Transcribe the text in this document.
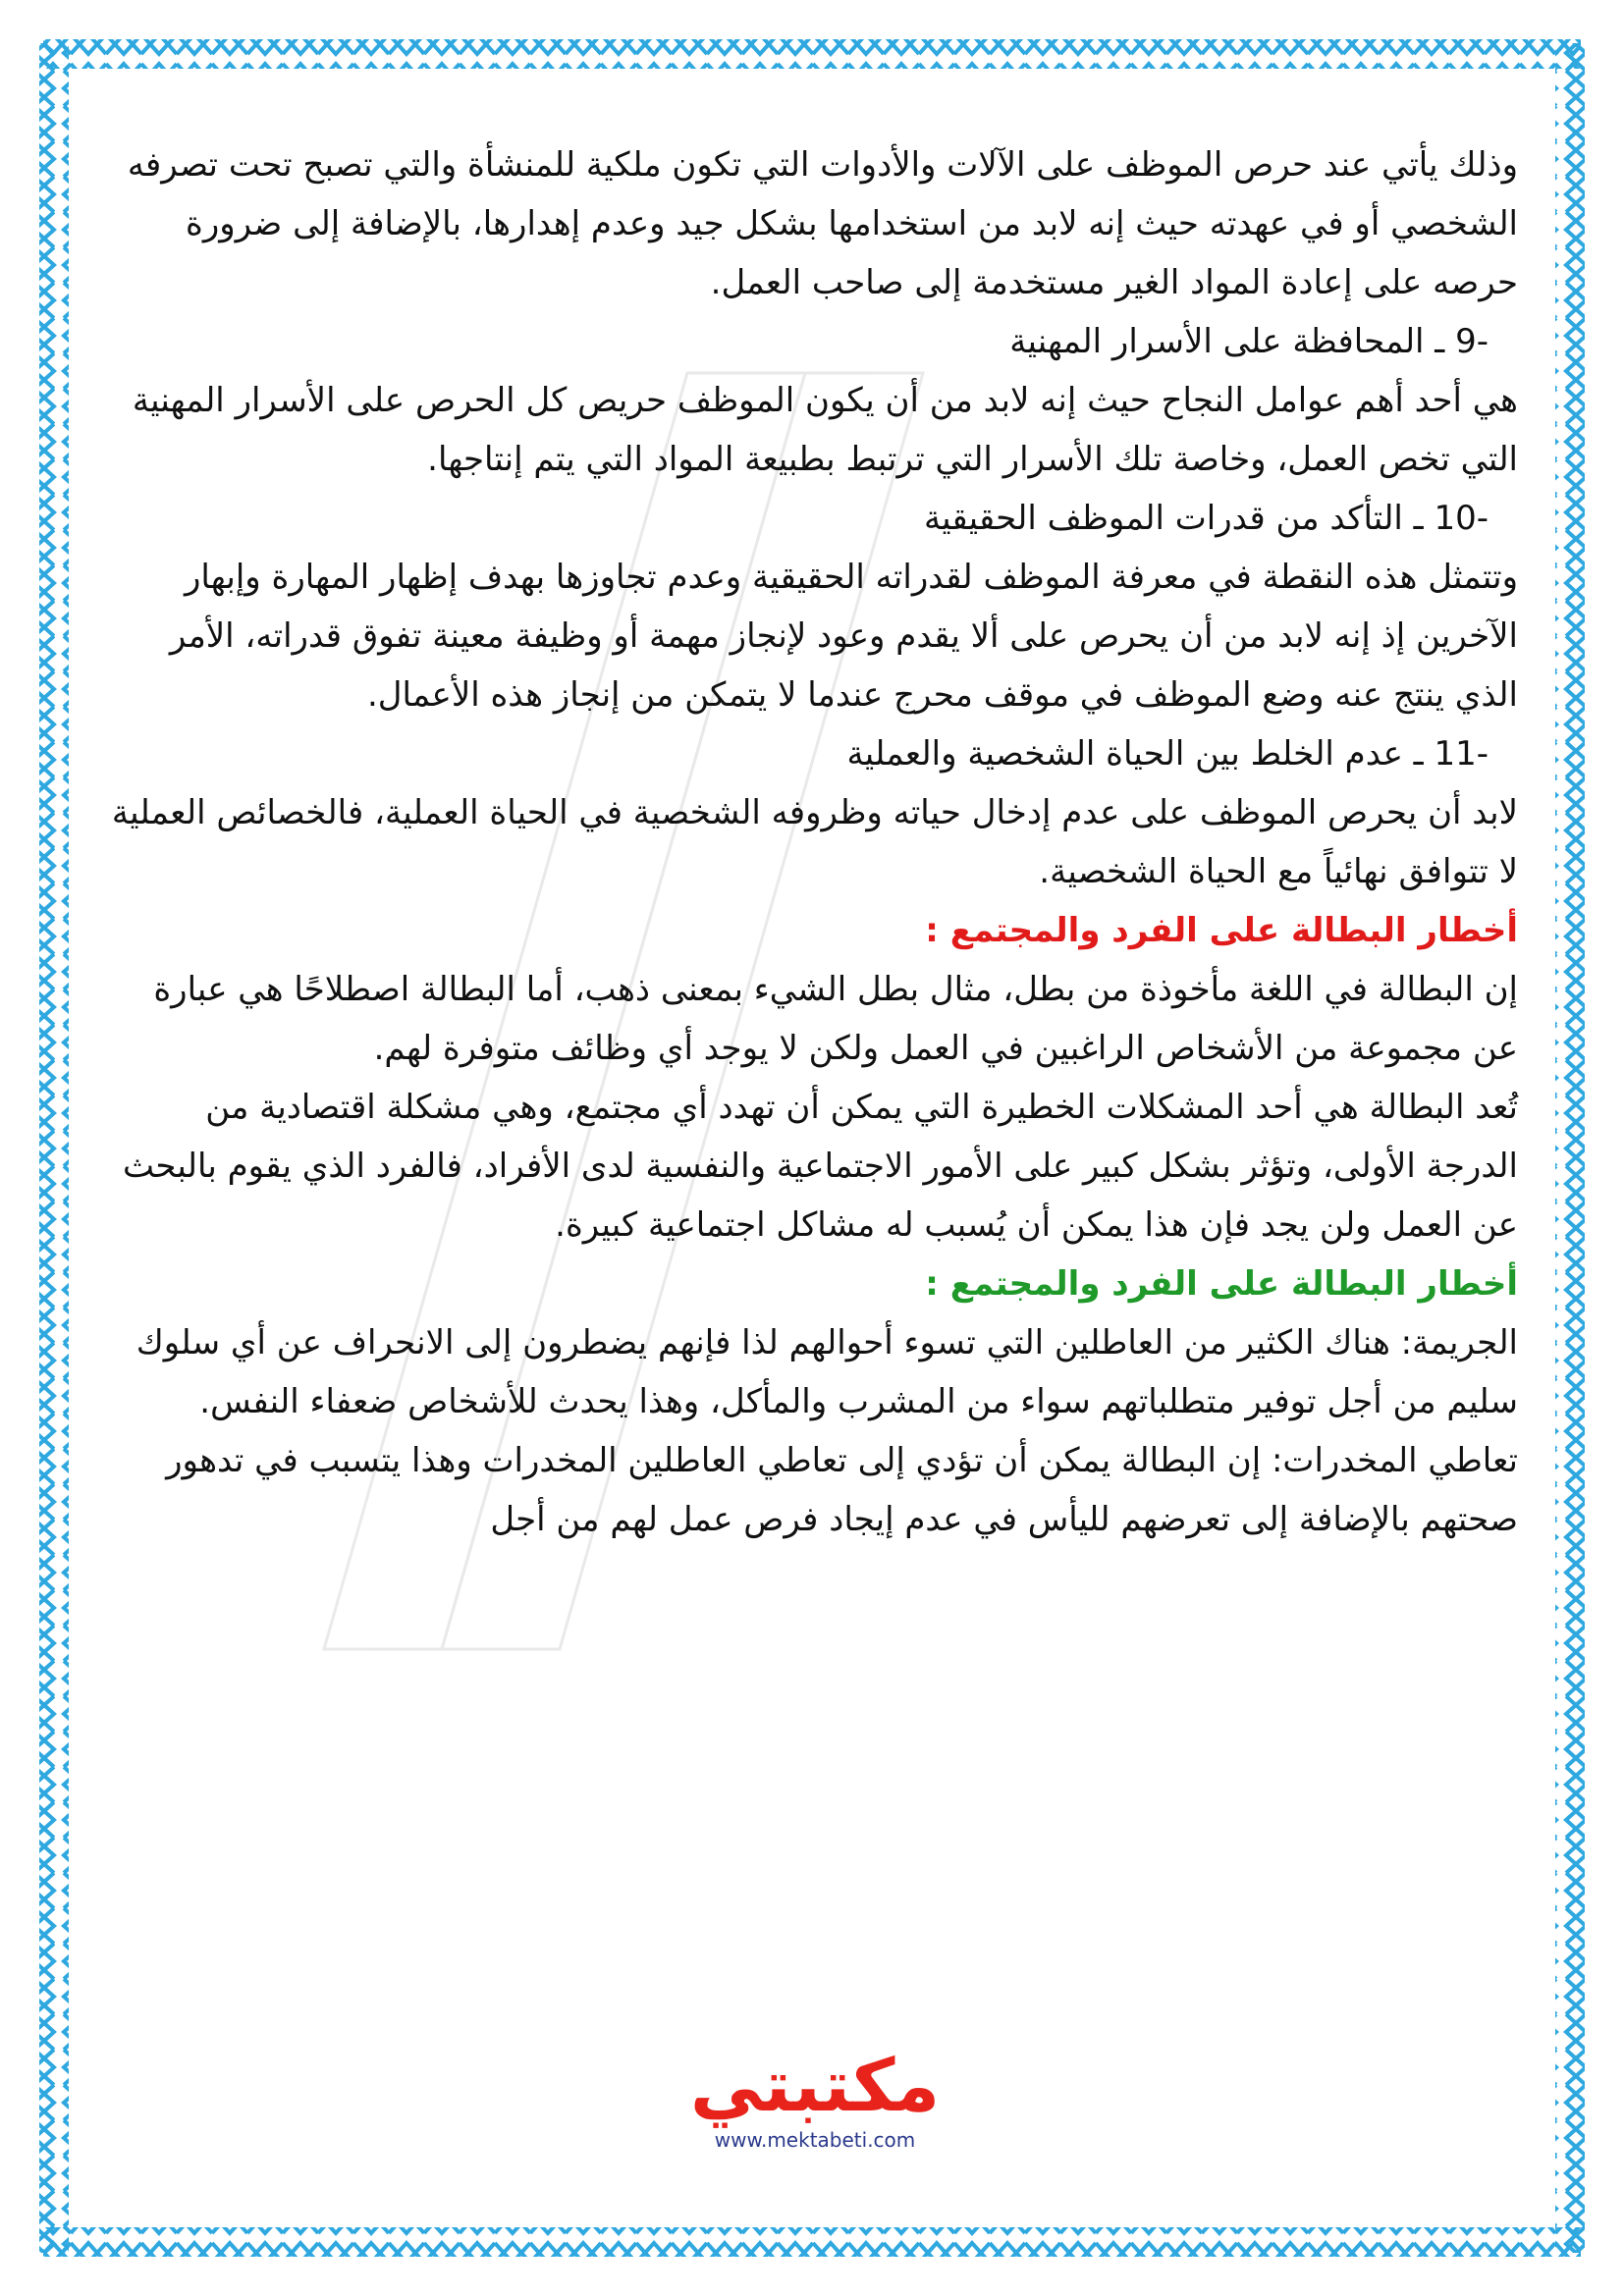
وذلك يأتي عند حرص الموظف على الآلات والأدوات التي تكون ملكية للمنشأة والتي تصبح تحت تصرفه الشخصي أو في عهدته حيث إنه لابد من استخدامها بشكل جيد وعدم إهدارها، بالإضافة إلى ضرورة حرصه على إعادة المواد الغير مستخدمة إلى صاحب العمل.

-9 ـ المحافظة على الأسرار المهنية

هي أحد أهم عوامل النجاح حيث إنه لابد من أن يكون الموظف حريص كل الحرص على الأسرار المهنية التي تخص العمل، وخاصة تلك الأسرار التي ترتبط بطبيعة المواد التي يتم إنتاجها.

-10 ـ التأكد من قدرات الموظف الحقيقية

وتتمثل هذه النقطة في معرفة الموظف لقدراته الحقيقية وعدم تجاوزها بهدف إظهار المهارة وإبهار الآخرين إذ إنه لابد من أن يحرص على ألا يقدم وعود لإنجاز مهمة أو وظيفة معينة تفوق قدراته، الأمر الذي ينتج عنه وضع الموظف في موقف محرج عندما لا يتمكن من إنجاز هذه الأعمال.

-11 ـ عدم الخلط بين الحياة الشخصية والعملية

لابد أن يحرص الموظف على عدم إدخال حياته وظروفه الشخصية في الحياة العملية، فالخصائص العملية لا تتوافق نهائياً مع الحياة الشخصية.

أخطار البطالة على الفرد والمجتمع :

إن البطالة في اللغة مأخوذة من بطل، مثال بطل الشيء بمعنى ذهب، أما البطالة اصطلاحًا هي عبارة عن مجموعة من الأشخاص الراغبين في العمل ولكن لا يوجد أي وظائف متوفرة لهم.

تُعد البطالة هي أحد المشكلات الخطيرة التي يمكن أن تهدد أي مجتمع، وهي مشكلة اقتصادية من الدرجة الأولى، وتؤثر بشكل كبير على الأمور الاجتماعية والنفسية لدى الأفراد، فالفرد الذي يقوم بالبحث عن العمل ولن يجد فإن هذا يمكن أن يُسبب له مشاكل اجتماعية كبيرة.

أخطار البطالة على الفرد والمجتمع :

الجريمة: هناك الكثير من العاطلين التي تسوء أحوالهم لذا فإنهم يضطرون إلى الانحراف عن أي سلوك سليم من أجل توفير متطلباتهم سواء من المشرب والمأكل، وهذا يحدث للأشخاص ضعفاء النفس.

تعاطي المخدرات: إن البطالة يمكن أن تؤدي إلى تعاطي العاطلين المخدرات وهذا يتسبب في تدهور صحتهم بالإضافة إلى تعرضهم لليأس في عدم إيجاد فرص عمل لهم من أجل

مكتبتي
www.mektabeti.com
